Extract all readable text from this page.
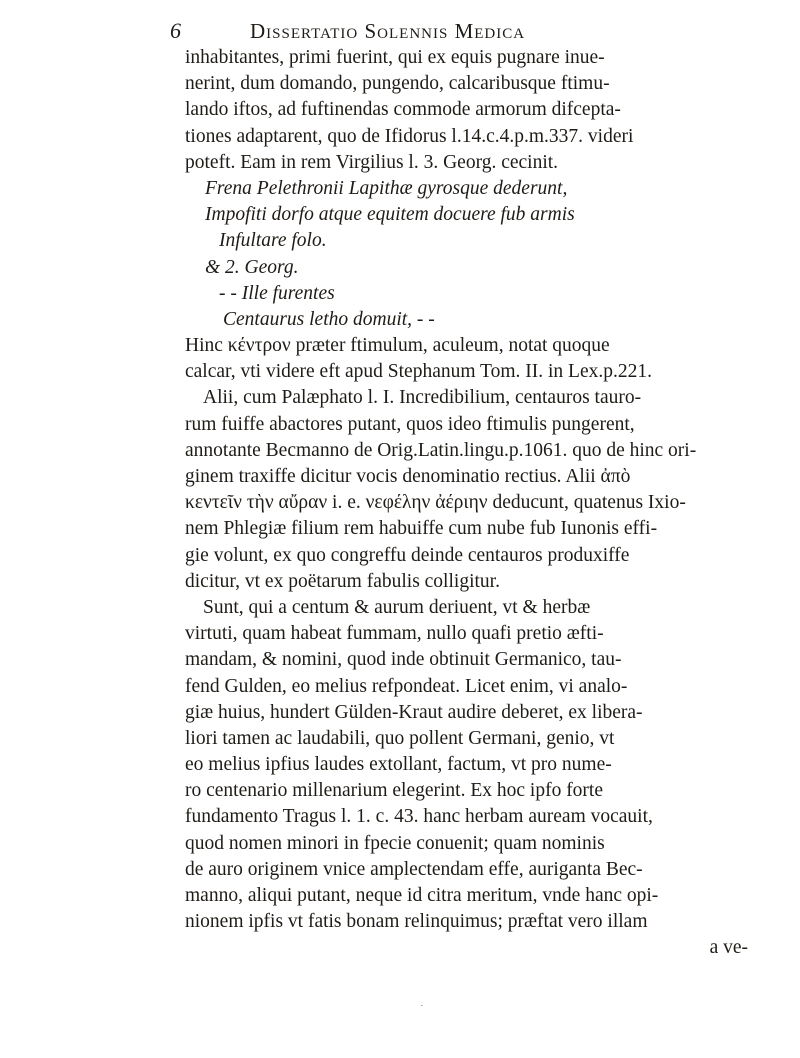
6	Dissertatio Solennis Medica
inhabitantes, primi fuerint, qui ex equis pugnare inue-
nerint, dum domando, pungendo, calcaribusque ftimu-
lando iftos, ad fuftinendas commode armorum difcepta-
tiones adaptarent, quo de Ifidorus l.14.c.4.p.m.337. videri
poteft. Eam in rem Virgilius l. 3. Georg. cecinit.
Frena Pelethronii Lapithæ gyrosque dederunt,
Impofiti dorfo atque equitem docuere fub armis
Infultare folo.
& 2. Georg.
- - Ille furentes
Centaurus letho domuit, - -
Hinc κέντρον præter ftimulum, aculeum, notat quoque
calcar, vti videre eft apud Stephanum Tom. II. in Lex.p.221.
Alii, cum Palæphato l. I. Incredibilium, centauros tauro-
rum fuiffe abactores putant, quos ideo ftimulis pungerent,
annotante Becmanno de Orig.Latin.lingu.p.1061. quo de hinc ori-
ginem traxiffe dicitur vocis denominatio rectius. Alii ἀπὸ
κεντεῖν τὴν αὔραν i. e. νεφέλην ἀέριην deducunt, quatenus Ixio-
nem Phlegiæ filium rem habuiffe cum nube fub Iunonis effi-
gie volunt, ex quo congreffu deinde centauros produxiffe
dicitur, vt ex poëtarum fabulis colligitur.
Sunt, qui a centum & aurum deriuent, vt & herbæ
virtuti, quam habeat fummam, nullo quafi pretio æfti-
mandam, & nomini, quod inde obtinuit Germanico, tau-
fend Gulden, eo melius refpondeat. Licet enim, vi analo-
giæ huius, hundert Gülden-Kraut audire deberet, ex libera-
liori tamen ac laudabili, quo pollent Germani, genio, vt
eo melius ipfius laudes extollant, factum, vt pro nume-
ro centenario millenarium elegerint. Ex hoc ipfo forte
fundamento Tragus l. 1. c. 43. hanc herbam auream vocauit,
quod nomen minori in fpecie conuenit; quam nominis
de auro originem vnice amplectendam effe, auriganta Bec-
manno, aliqui putant, neque id citra meritum, vnde hanc opi-
nionem ipfis vt fatis bonam relinquimus; præftat vero illam
a ve-
·
